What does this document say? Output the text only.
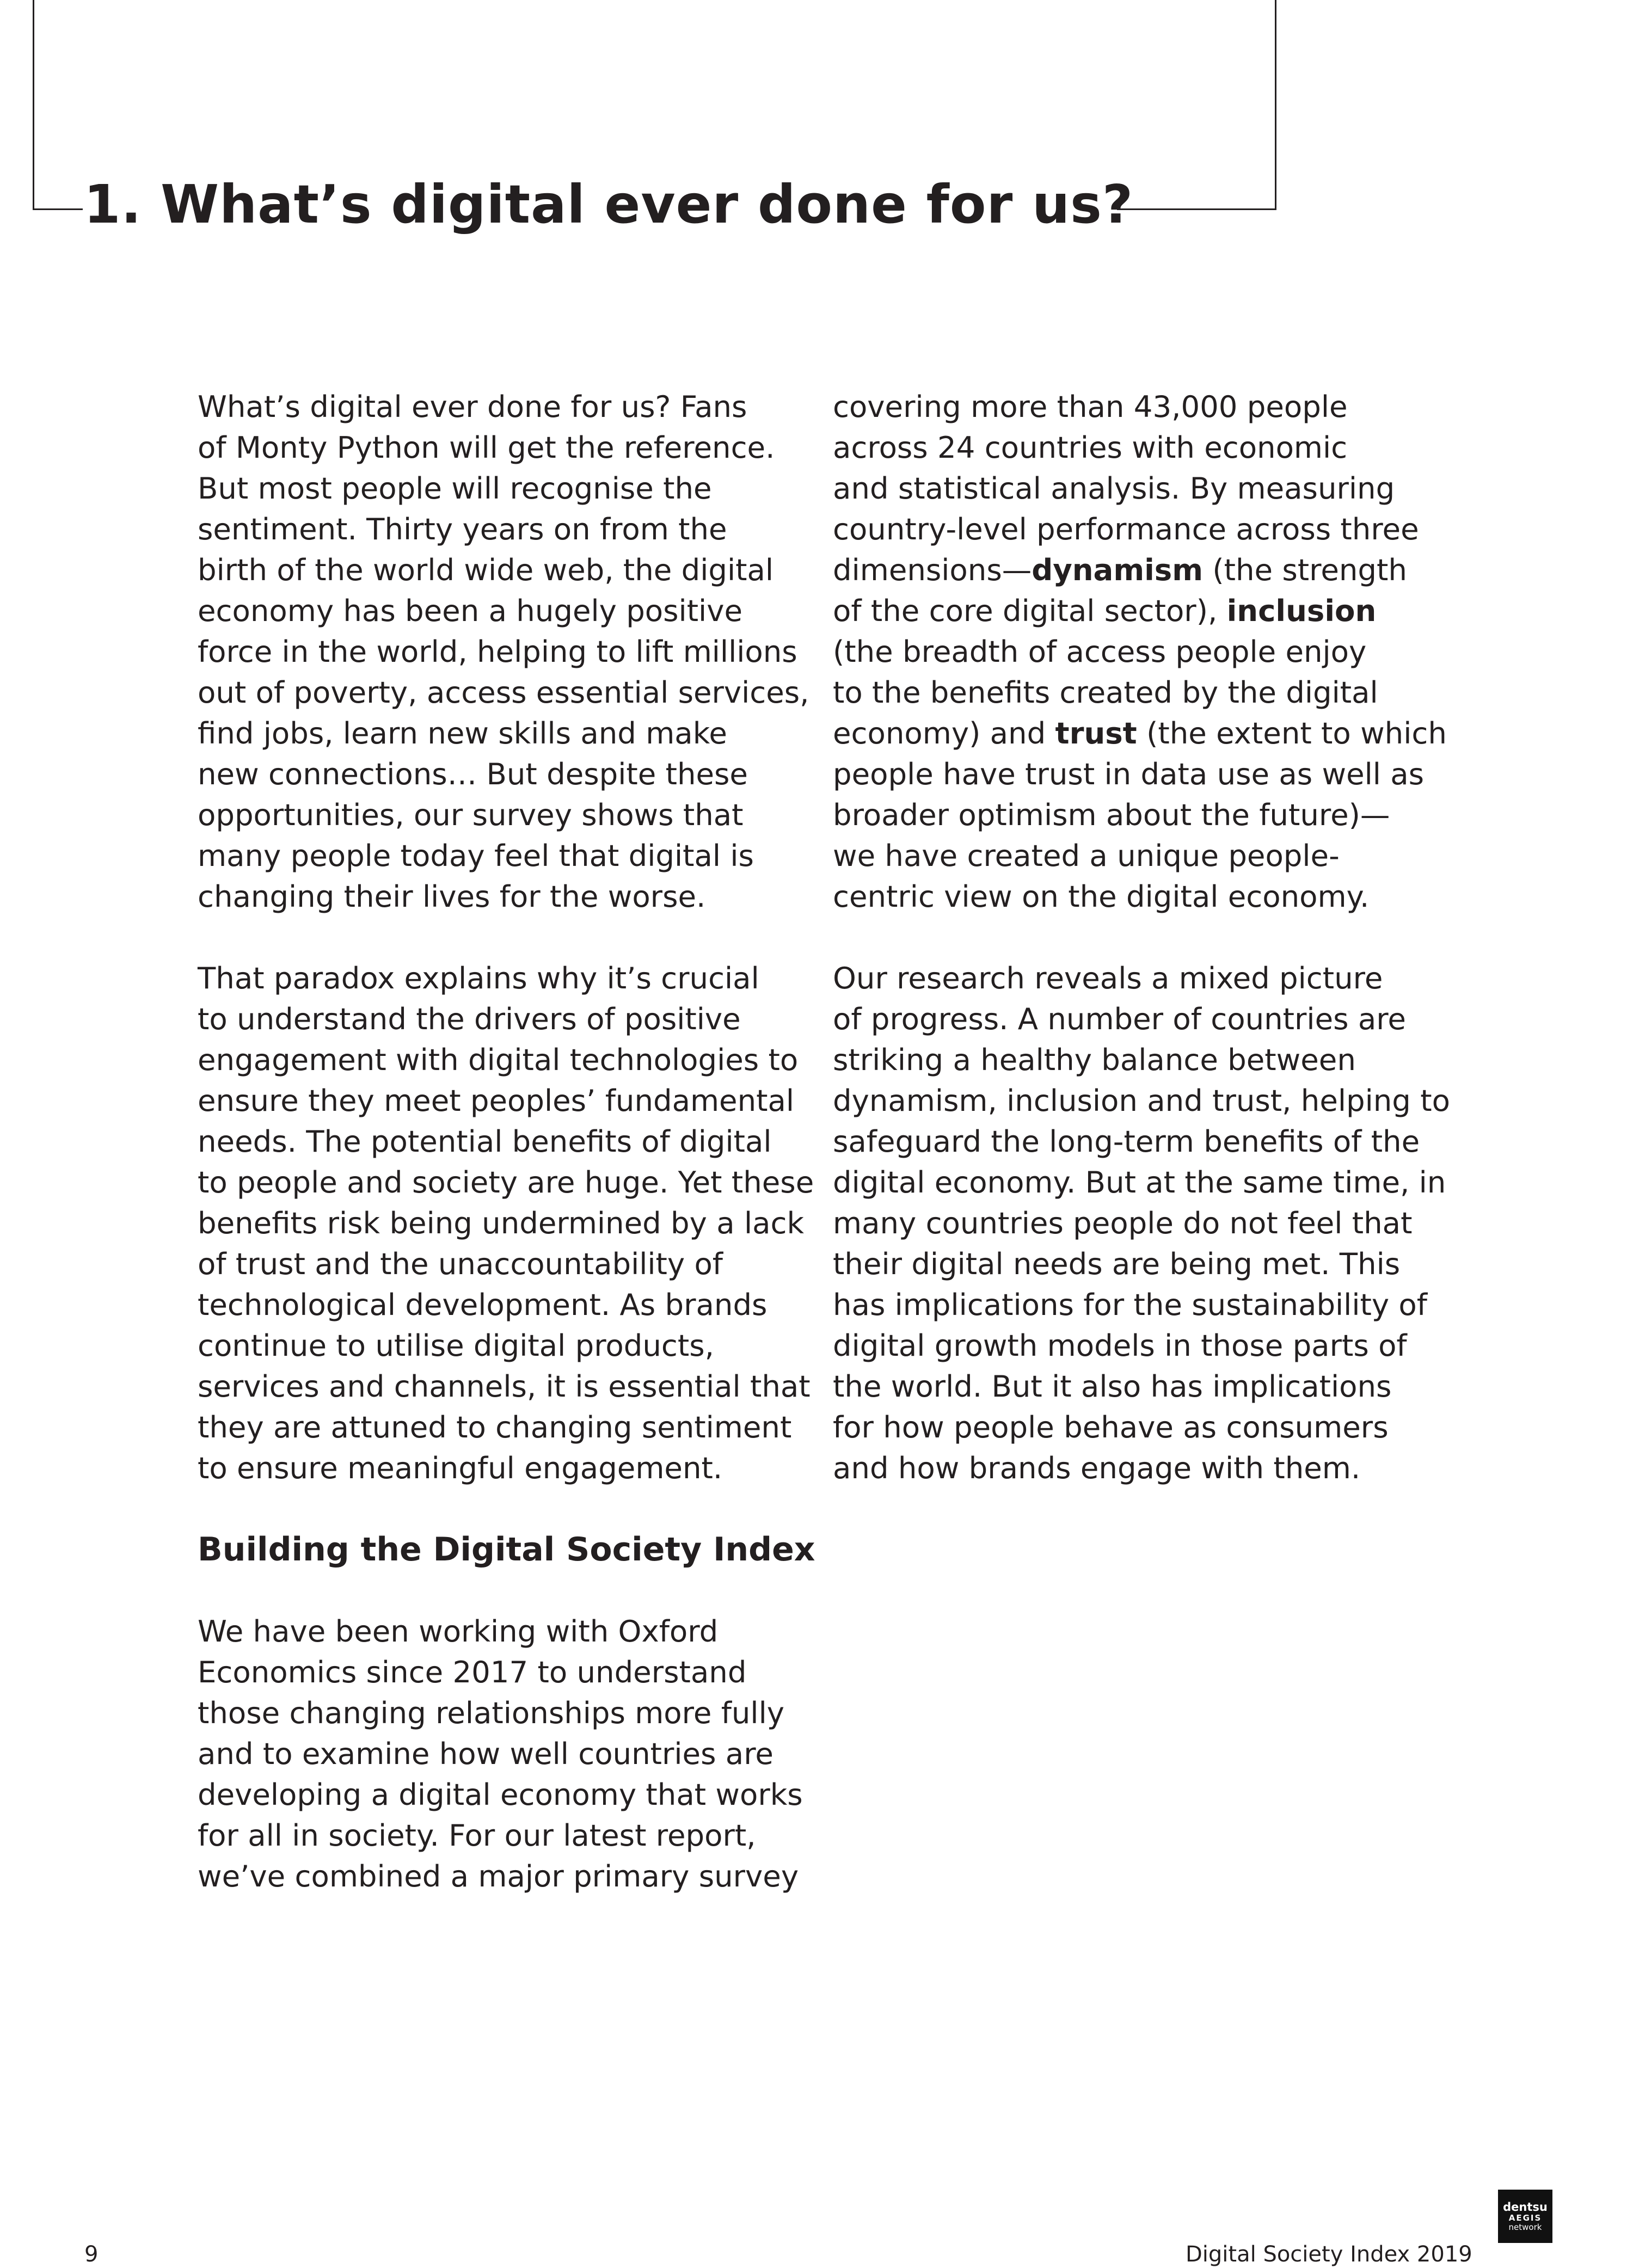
1. What’s digital ever done for us?
What’s digital ever done for us? Fans
of Monty Python will get the reference.
But most people will recognise the
sentiment. Thirty years on from the
birth of the world wide web, the digital
economy has been a hugely positive
force in the world, helping to lift millions
out of poverty, access essential services,
find jobs, learn new skills and make
new connections… But despite these
opportunities, our survey shows that
many people today feel that digital is
changing their lives for the worse.
That paradox explains why it’s crucial
to understand the drivers of positive
engagement with digital technologies to
ensure they meet peoples’ fundamental
needs. The potential benefits of digital
to people and society are huge. Yet these
benefits risk being undermined by a lack
of trust and the unaccountability of
technological development. As brands
continue to utilise digital products,
services and channels, it is essential that
they are attuned to changing sentiment
to ensure meaningful engagement.
Building the Digital Society Index
We have been working with Oxford
Economics since 2017 to understand
those changing relationships more fully
and to examine how well countries are
developing a digital economy that works
for all in society. For our latest report,
we’ve combined a major primary survey
covering more than 43,000 people
across 24 countries with economic
and statistical analysis. By measuring
country-level performance across three
dimensions—dynamism (the strength
of the core digital sector), inclusion
(the breadth of access people enjoy
to the benefits created by the digital
economy) and trust (the extent to which
people have trust in data use as well as
broader optimism about the future)—
we have created a unique people-
centric view on the digital economy.
Our research reveals a mixed picture
of progress. A number of countries are
striking a healthy balance between
dynamism, inclusion and trust, helping to
safeguard the long-term benefits of the
digital economy. But at the same time, in
many countries people do not feel that
their digital needs are being met. This
has implications for the sustainability of
digital growth models in those parts of
the world. But it also has implications
for how people behave as consumers
and how brands engage with them.
9	Digital Society Index 2019
dentsu
AEGIS
network
